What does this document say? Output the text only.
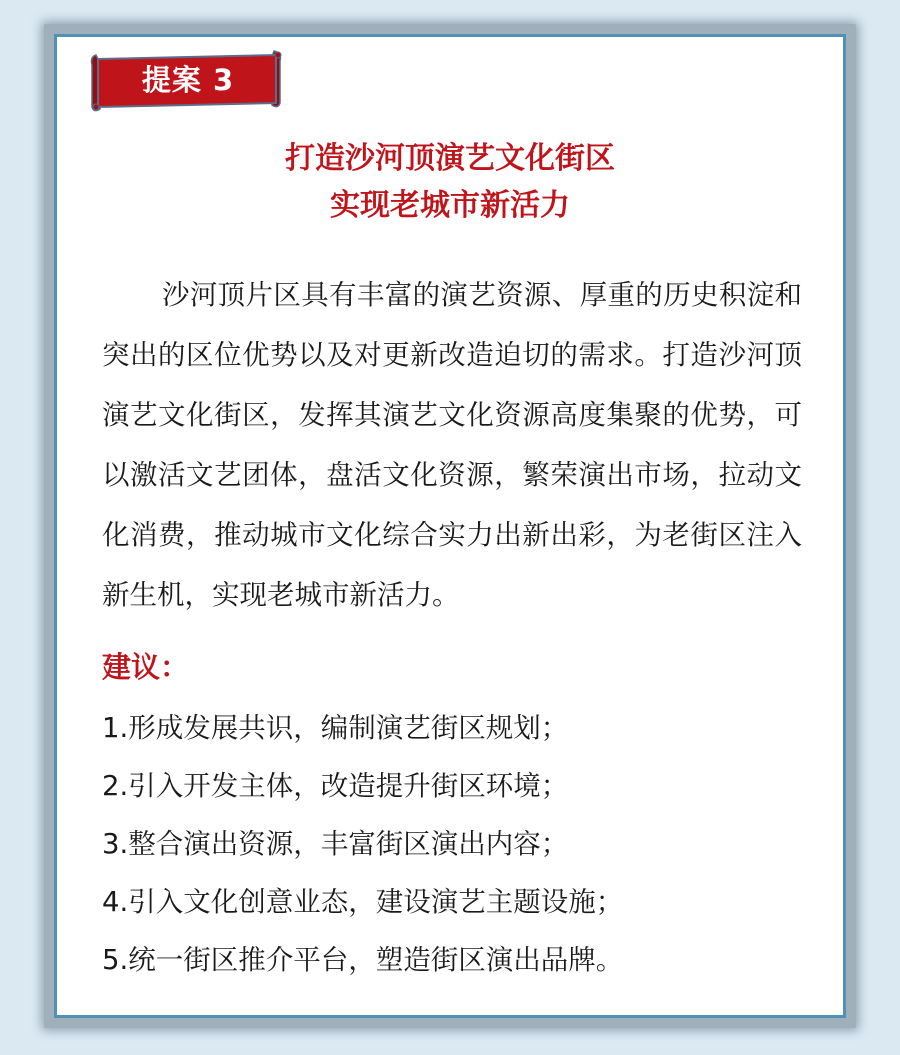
提案 3
打造沙河顶演艺文化街区
实现老城市新活力
沙河顶片区具有丰富的演艺资源、厚重的历史积淀和突出的区位优势以及对更新改造迫切的需求。打造沙河顶演艺文化街区，发挥其演艺文化资源高度集聚的优势，可以激活文艺团体，盘活文化资源，繁荣演出市场，拉动文化消费，推动城市文化综合实力出新出彩，为老街区注入新生机，实现老城市新活力。
建议：
1.形成发展共识，编制演艺街区规划；
2.引入开发主体，改造提升街区环境；
3.整合演出资源，丰富街区演出内容；
4.引入文化创意业态，建设演艺主题设施；
5.统一街区推介平台，塑造街区演出品牌。
